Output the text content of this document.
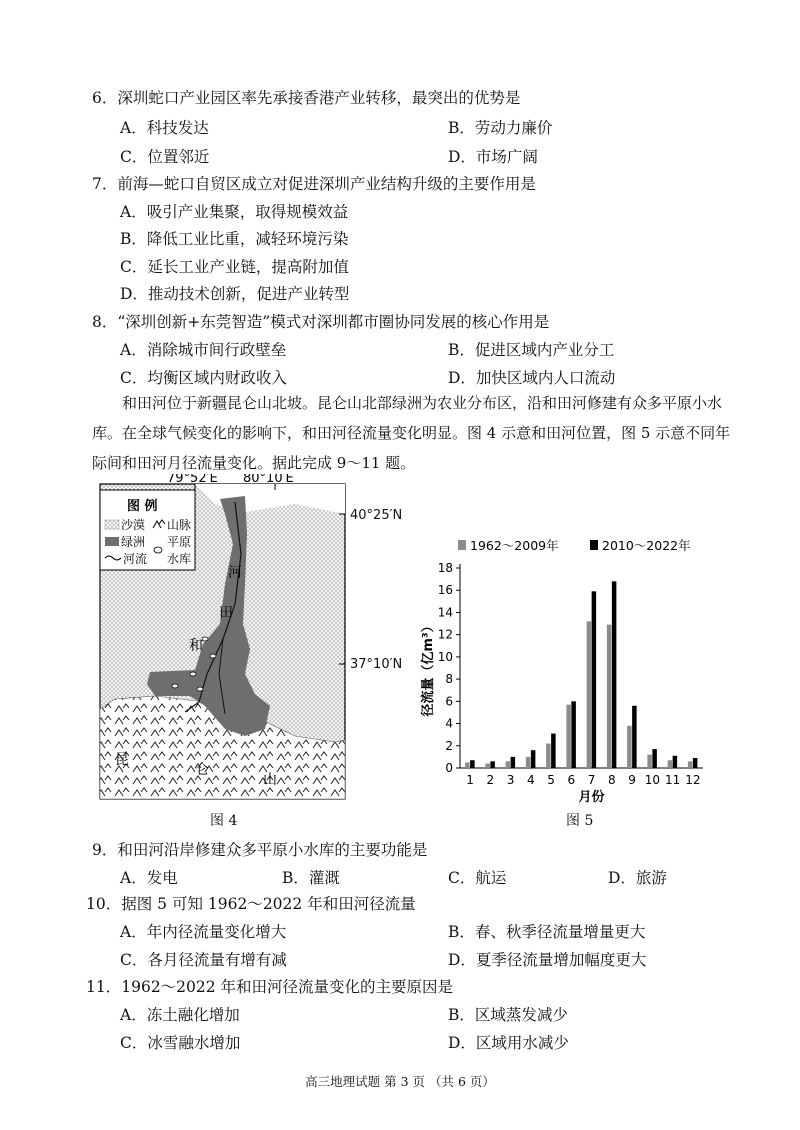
6．深圳蛇口产业园区率先承接香港产业转移，最突出的优势是
A．科技发达	B．劳动力廉价
C．位置邻近	D．市场广阔
7．前海—蛇口自贸区成立对促进深圳产业结构升级的主要作用是
A．吸引产业集聚，取得规模效益
B．降低工业比重，减轻环境污染
C．延长工业产业链，提高附加值
D．推动技术创新，促进产业转型
8．“深圳创新+东莞智造”模式对深圳都市圈协同发展的核心作用是
A．消除城市间行政壁垒	B．促进区域内产业分工
C．均衡区域内财政收入	D．加快区域内人口流动
和田河位于新疆昆仑山北坡。昆仑山北部绿洲为农业分布区，沿和田河修建有众多平原小水库。在全球气候变化的影响下，和田河径流量变化明显。图 4 示意和田河位置，图 5 示意不同年际间和田河月径流量变化。据此完成 9～11 题。
图 例
沙漠 山脉
绿洲 平原
河流 水库
79°52′E 80°10′E
河
田
和
昆
仑
山
40°25′N
37°10′N
图 4
0
2
4
6
8
10
12
14
16
18
1 2 3 4 5 6 7 8 9 10 11 12
月份
径流量（亿m³）
1962～2009年	2010～2022年
图 5
9．和田河沿岸修建众多平原小水库的主要功能是
A．发电	B．灌溉	C．航运	D．旅游
10．据图 5 可知 1962～2022 年和田河径流量
A．年内径流量变化增大	B．春、秋季径流量增量更大
C．各月径流量有增有减	D．夏季径流量增加幅度更大
11．1962～2022 年和田河径流量变化的主要原因是
A．冻土融化增加	B．区域蒸发减少
C．冰雪融水增加	D．区域用水减少
高三地理试题 第 3 页 （共 6 页）
